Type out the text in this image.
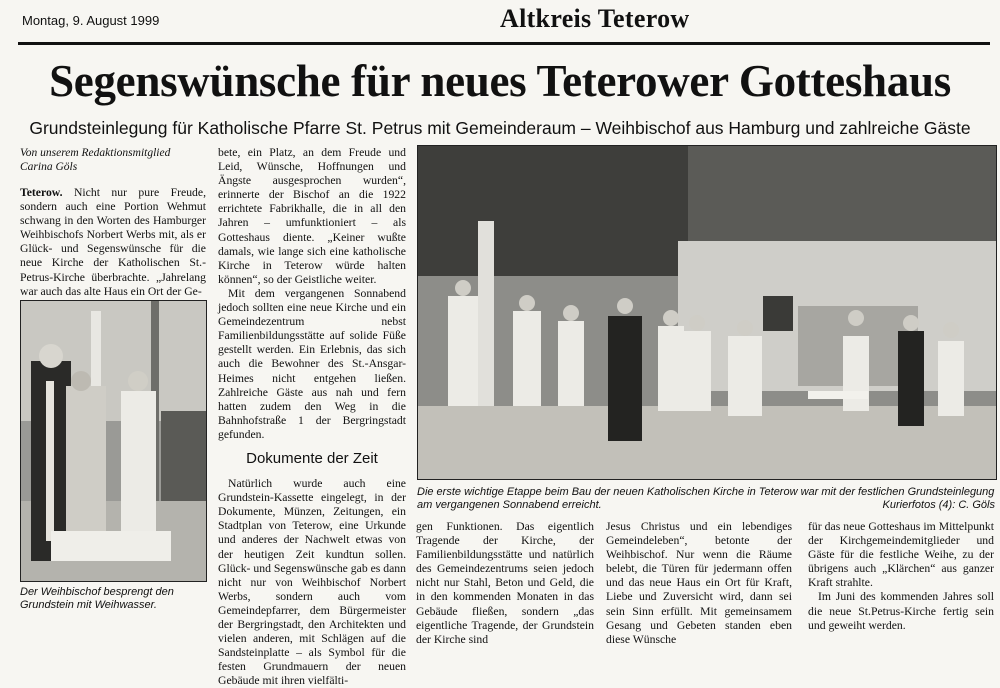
Montag, 9. August 1999	Altkreis Teterow
Segenswünsche für neues Teterower Gotteshaus
Grundsteinlegung für Katholische Pfarre St. Petrus mit Gemeinderaum – Weihbischof aus Hamburg und zahlreiche Gäste
Von unserem Redaktionsmitglied
Carina Göls

Teterow. Nicht nur pure Freude, sondern auch eine Portion Wehmut schwang in den Worten des Hamburger Weihbischofs Norbert Werbs mit, als er Glück- und Segenswünsche für die neue Kirche der Katholischen St.-Petrus-Kirche überbrachte. „Jahrelang war auch das alte Haus ein Ort der Ge-

Der Weihbischof besprengt den Grundstein mit Weihwasser.

bete, ein Platz, an dem Freude und Leid, Wünsche, Hoffnungen und Ängste ausgesprochen wurden“, erinnerte der Bischof an die 1922 errichtete Fabrikhalle, die in all den Jahren – umfunktioniert – als Gotteshaus diente. „Keiner wußte damals, wie lange sich eine katholische Kirche in Teterow würde halten können“, so der Geistliche weiter.

Mit dem vergangenen Sonnabend jedoch sollten eine neue Kirche und ein Gemeindezentrum nebst Familienbildungsstätte auf solide Füße gestellt werden. Ein Erlebnis, das sich auch die Bewohner des St.-Ansgar-Heimes nicht entgehen ließen. Zahlreiche Gäste aus nah und fern hatten zudem den Weg in die Bahnhofstraße 1 der Bergringstadt gefunden.

Dokumente der Zeit

Natürlich wurde auch eine Grundstein-Kassette eingelegt, in der Dokumente, Münzen, Zeitungen, ein Stadtplan von Teterow, eine Urkunde und anderes der Nachwelt etwas von der heutigen Zeit kundtun sollen. Glück- und Segenswünsche gab es dann nicht nur von Weihbischof Norbert Werbs, sondern auch vom Gemeindepfarrer, dem Bürgermeister der Bergringstadt, den Architekten und vielen anderen, mit Schlägen auf die Sandsteinplatte – als Symbol für die festen Grundmauern der neuen Gebäude mit ihren vielfälti-

Die erste wichtige Etappe beim Bau der neuen Katholischen Kirche in Teterow war mit der festlichen Grundsteinlegung am vergangenen Sonnabend erreicht.	Kurierfotos (4): C. Göls

gen Funktionen. Das eigentlich Tragende der Kirche, der Familienbildungsstätte und natürlich des Gemeindezentrums seien jedoch nicht nur Stahl, Beton und Geld, die in den kommenden Monaten in das Gebäude fließen, sondern „das eigentliche Tragende, der Grundstein der Kirche sind

Jesus Christus und ein lebendiges Gemeindeleben“, betonte der Weihbischof. Nur wenn die Räume belebt, die Türen für jedermann offen und das neue Haus ein Ort für Kraft, Liebe und Zuversicht wird, dann sei sein Sinn erfüllt. Mit gemeinsamem Gesang und Gebeten standen eben diese Wünsche

für das neue Gotteshaus im Mittelpunkt der Kirchgemeindemitglieder und Gäste für die festliche Weihe, zu der übrigens auch „Klärchen“ aus ganzer Kraft strahlte.

Im Juni des kommenden Jahres soll die neue St.Petrus-Kirche fertig sein und geweiht werden.
